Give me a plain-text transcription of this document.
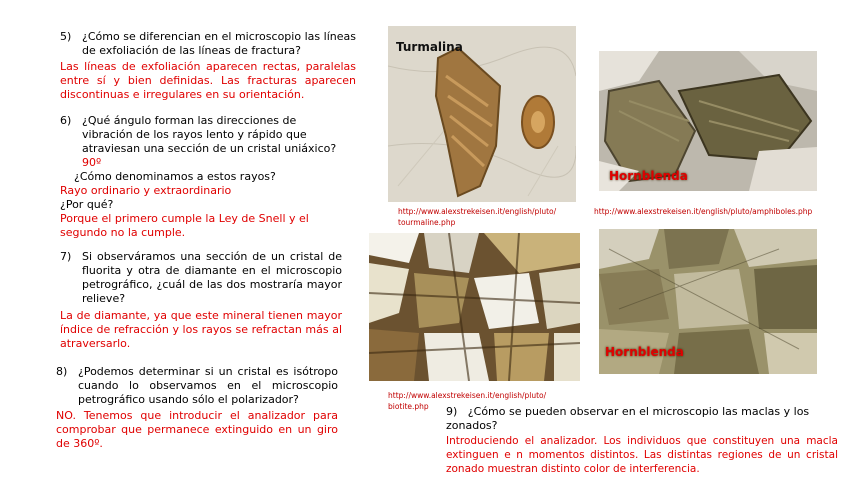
5) ¿Cómo se diferencian en el microscopio las líneas de exfoliación de las líneas de fractura?
Las líneas de exfoliación aparecen rectas, paralelas entre sí y bien definidas. Las fracturas aparecen discontinuas e irregulares en su orientación.
6) ¿Qué ángulo forman las direcciones de vibración de los rayos lento y rápido que atraviesan una sección de un cristal uniáxico? 90º
¿Cómo denominamos a estos rayos?
Rayo ordinario y extraordinario
¿Por qué?
Porque el primero cumple la Ley de Snell y el segundo no la cumple.
7) Si observáramos una sección de un cristal de fluorita y otra de diamante en el microscopio petrográfico, ¿cuál de las dos mostraría mayor relieve?
La de diamante, ya que este mineral tienen mayor índice de refracción y los rayos se refractan más al atraversarlo.
8) ¿Podemos determinar si un cristal es isótropo cuando lo observamos en el microscopio petrográfico usando sólo el polarizador?
NO. Tenemos que introducir el analizador para comprobar que permanece extinguido en un giro de 360º.
Turmalina
Hornblenda
Hornblenda
http://www.alexstrekeisen.it/english/pluto/ tourmaline.php
http://www.alexstrekeisen.it/english/pluto/amphiboles.php
http://www.alexstrekeisen.it/english/pluto/ biotite.php	9) ¿Cómo se pueden observar en el microscopio las maclas y los zonados?
Introduciendo el analizador. Los individuos que constituyen una macla extinguen e n momentos distintos. Las distintas regiones de un cristal zonado muestran distinto color de interferencia.
